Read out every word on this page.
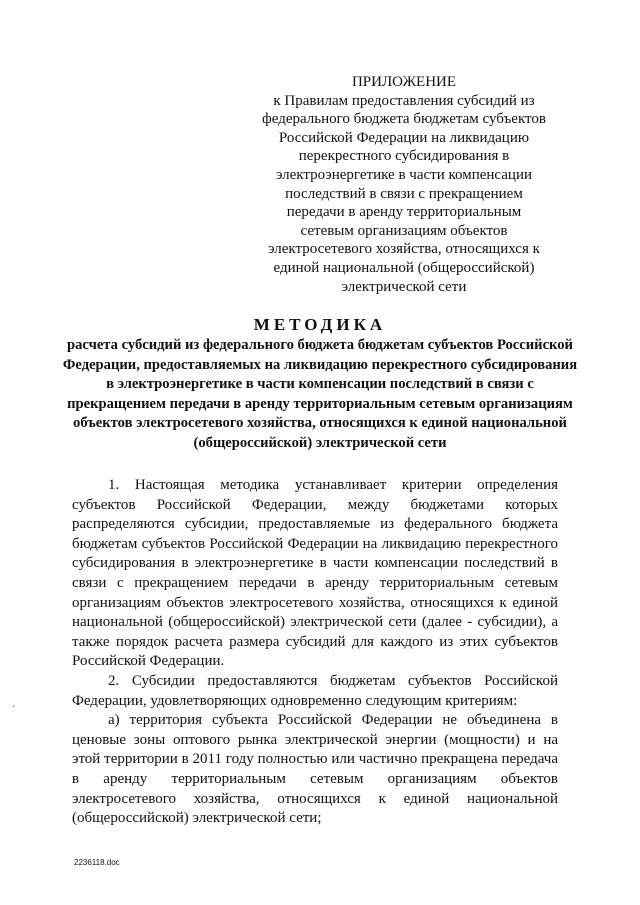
ПРИЛОЖЕНИЕ
к Правилам предоставления субсидий из федерального бюджета бюджетам субъектов Российской Федерации на ликвидацию перекрестного субсидирования в электроэнергетике в части компенсации последствий в связи с прекращением передачи в аренду территориальным сетевым организациям объектов электросетевого хозяйства, относящихся к единой национальной (общероссийской) электрической сети
МЕТОДИКА
расчета субсидий из федерального бюджета бюджетам субъектов Российской Федерации, предоставляемых на ликвидацию перекрестного субсидирования в электроэнергетике в части компенсации последствий в связи с прекращением передачи в аренду территориальным сетевым организациям объектов электросетевого хозяйства, относящихся к единой национальной (общероссийской) электрической сети

1. Настоящая методика устанавливает критерии определения субъектов Российской Федерации, между бюджетами которых распределяются субсидии, предоставляемые из федерального бюджета бюджетам субъектов Российской Федерации на ликвидацию перекрестного субсидирования в электроэнергетике в части компенсации последствий в связи с прекращением передачи в аренду территориальным сетевым организациям объектов электросетевого хозяйства, относящихся к единой национальной (общероссийской) электрической сети (далее - субсидии), а также порядок расчета размера субсидий для каждого из этих субъектов Российской Федерации.

2. Субсидии предоставляются бюджетам субъектов Российской Федерации, удовлетворяющих одновременно следующим критериям:

а) территория субъекта Российской Федерации не объединена в ценовые зоны оптового рынка электрической энергии (мощности) и на этой территории в 2011 году полностью или частично прекращена передача в аренду территориальным сетевым организациям объектов электросетевого хозяйства, относящихся к единой национальной (общероссийской) электрической сети;

·
2236118.doc
